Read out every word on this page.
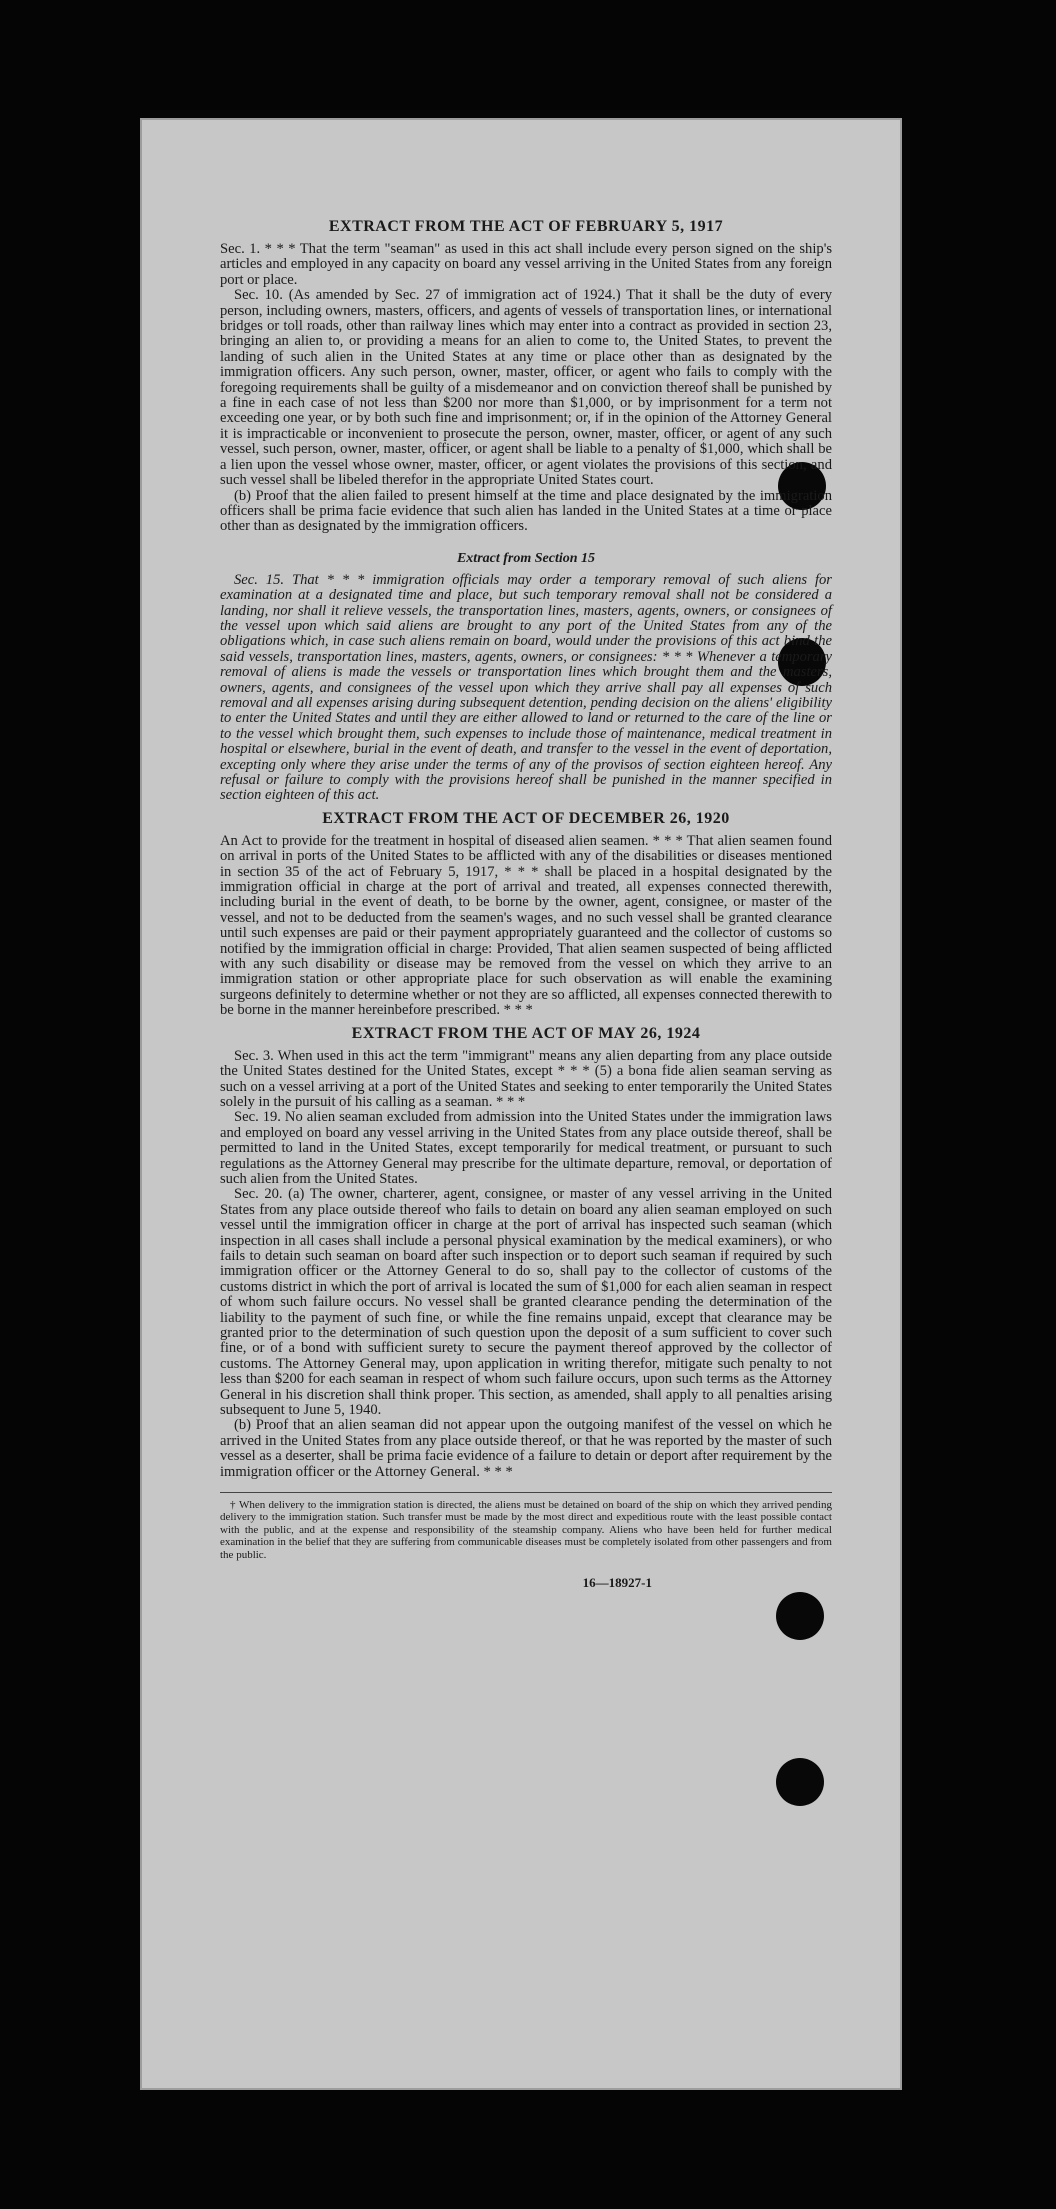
EXTRACT FROM THE ACT OF FEBRUARY 5, 1917

Sec. 1. * * * That the term "seaman" as used in this act shall include every person signed on the ship's articles and employed in any capacity on board any vessel arriving in the United States from any foreign port or place.

Sec. 10. (As amended by Sec. 27 of immigration act of 1924.) That it shall be the duty of every person, including owners, masters, officers, and agents of vessels of transportation lines, or international bridges or toll roads, other than railway lines which may enter into a contract as provided in section 23, bringing an alien to, or providing a means for an alien to come to, the United States, to prevent the landing of such alien in the United States at any time or place other than as designated by the immigration officers. Any such person, owner, master, officer, or agent who fails to comply with the foregoing requirements shall be guilty of a misdemeanor and on conviction thereof shall be punished by a fine in each case of not less than $200 nor more than $1,000, or by imprisonment for a term not exceeding one year, or by both such fine and imprisonment; or, if in the opinion of the Attorney General it is impracticable or inconvenient to prosecute the person, owner, master, officer, or agent of any such vessel, such person, owner, master, officer, or agent shall be liable to a penalty of $1,000, which shall be a lien upon the vessel whose owner, master, officer, or agent violates the provisions of this section, and such vessel shall be libeled therefor in the appropriate United States court.

(b) Proof that the alien failed to present himself at the time and place designated by the immigration officers shall be prima facie evidence that such alien has landed in the United States at a time or place other than as designated by the immigration officers.

Extract from Section 15

Sec. 15. That * * * immigration officials may order a temporary removal of such aliens for examination at a designated time and place, but such temporary removal shall not be considered a landing, nor shall it relieve vessels, the transportation lines, masters, agents, owners, or consignees of the vessel upon which said aliens are brought to any port of the United States from any of the obligations which, in case such aliens remain on board, would under the provisions of this act bind the said vessels, transportation lines, masters, agents, owners, or consignees: * * * Whenever a temporary removal of aliens is made the vessels or transportation lines which brought them and the masters, owners, agents, and consignees of the vessel upon which they arrive shall pay all expenses of such removal and all expenses arising during subsequent detention, pending decision on the aliens' eligibility to enter the United States and until they are either allowed to land or returned to the care of the line or to the vessel which brought them, such expenses to include those of maintenance, medical treatment in hospital or elsewhere, burial in the event of death, and transfer to the vessel in the event of deportation, excepting only where they arise under the terms of any of the provisos of section eighteen hereof. Any refusal or failure to comply with the provisions hereof shall be punished in the manner specified in section eighteen of this act.

EXTRACT FROM THE ACT OF DECEMBER 26, 1920

An Act to provide for the treatment in hospital of diseased alien seamen. * * * That alien seamen found on arrival in ports of the United States to be afflicted with any of the disabilities or diseases mentioned in section 35 of the act of February 5, 1917, * * * shall be placed in a hospital designated by the immigration official in charge at the port of arrival and treated, all expenses connected therewith, including burial in the event of death, to be borne by the owner, agent, consignee, or master of the vessel, and not to be deducted from the seamen's wages, and no such vessel shall be granted clearance until such expenses are paid or their payment appropriately guaranteed and the collector of customs so notified by the immigration official in charge: Provided, That alien seamen suspected of being afflicted with any such disability or disease may be removed from the vessel on which they arrive to an immigration station or other appropriate place for such observation as will enable the examining surgeons definitely to determine whether or not they are so afflicted, all expenses connected therewith to be borne in the manner hereinbefore prescribed. * * *

EXTRACT FROM THE ACT OF MAY 26, 1924

Sec. 3. When used in this act the term "immigrant" means any alien departing from any place outside the United States destined for the United States, except * * * (5) a bona fide alien seaman serving as such on a vessel arriving at a port of the United States and seeking to enter temporarily the United States solely in the pursuit of his calling as a seaman. * * *

Sec. 19. No alien seaman excluded from admission into the United States under the immigration laws and employed on board any vessel arriving in the United States from any place outside thereof, shall be permitted to land in the United States, except temporarily for medical treatment, or pursuant to such regulations as the Attorney General may prescribe for the ultimate departure, removal, or deportation of such alien from the United States.

Sec. 20. (a) The owner, charterer, agent, consignee, or master of any vessel arriving in the United States from any place outside thereof who fails to detain on board any alien seaman employed on such vessel until the immigration officer in charge at the port of arrival has inspected such seaman (which inspection in all cases shall include a personal physical examination by the medical examiners), or who fails to detain such seaman on board after such inspection or to deport such seaman if required by such immigration officer or the Attorney General to do so, shall pay to the collector of customs of the customs district in which the port of arrival is located the sum of $1,000 for each alien seaman in respect of whom such failure occurs. No vessel shall be granted clearance pending the determination of the liability to the payment of such fine, or while the fine remains unpaid, except that clearance may be granted prior to the determination of such question upon the deposit of a sum sufficient to cover such fine, or of a bond with sufficient surety to secure the payment thereof approved by the collector of customs. The Attorney General may, upon application in writing therefor, mitigate such penalty to not less than $200 for each seaman in respect of whom such failure occurs, upon such terms as the Attorney General in his discretion shall think proper. This section, as amended, shall apply to all penalties arising subsequent to June 5, 1940.

(b) Proof that an alien seaman did not appear upon the outgoing manifest of the vessel on which he arrived in the United States from any place outside thereof, or that he was reported by the master of such vessel as a deserter, shall be prima facie evidence of a failure to detain or deport after requirement by the immigration officer or the Attorney General. * * *

† When delivery to the immigration station is directed, the aliens must be detained on board of the ship on which they arrived pending delivery to the immigration station. Such transfer must be made by the most direct and expeditious route with the least possible contact with the public, and at the expense and responsibility of the steamship company. Aliens who have been held for further medical examination in the belief that they are suffering from communicable diseases must be completely isolated from other passengers and from the public.
16—18927-1
